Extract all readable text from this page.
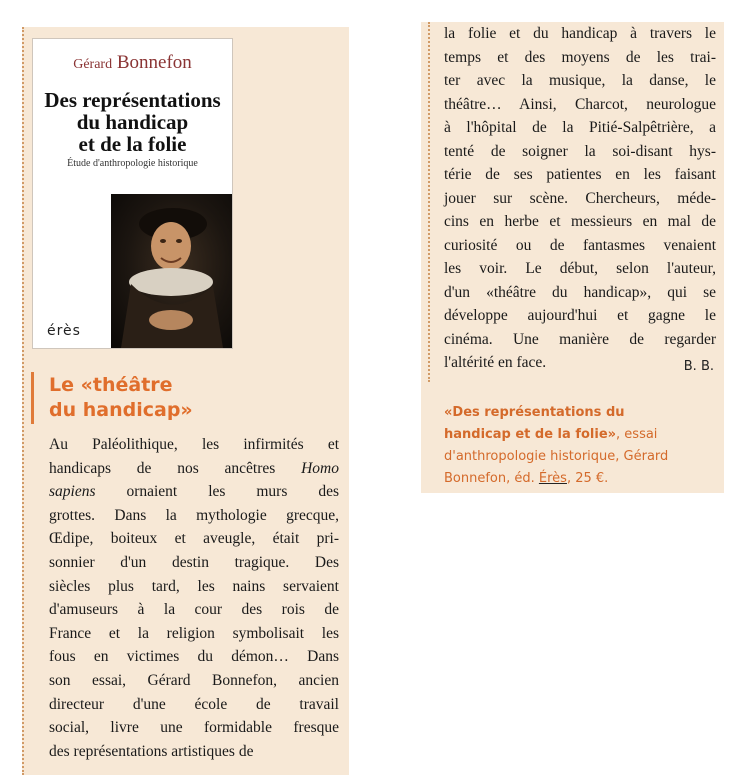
Gérard Bonnefon
Des représentations
du handicap
et de la folie
Étude d'anthropologie historique
érès
Le «théâtre
du handicap»
Au Paléolithique, les infirmités et
handicaps de nos ancêtres Homo
sapiens ornaient les murs des
grottes. Dans la mythologie grecque,
Œdipe, boiteux et aveugle, était pri-
sonnier d'un destin tragique. Des
siècles plus tard, les nains servaient
d'amuseurs à la cour des rois de
France et la religion symbolisait les
fous en victimes du démon… Dans
son essai, Gérard Bonnefon, ancien
directeur d'une école de travail
social, livre une formidable fresque
des représentations artistiques de
la folie et du handicap à travers le
temps et des moyens de les trai-
ter avec la musique, la danse, le
théâtre… Ainsi, Charcot, neurologue
à l'hôpital de la Pitié-Salpêtrière, a
tenté de soigner la soi-disant hys-
térie de ses patientes en les faisant
jouer sur scène. Chercheurs, méde-
cins en herbe et messieurs en mal de
curiosité ou de fantasmes venaient
les voir. Le début, selon l'auteur,
d'un «théâtre du handicap», qui se
développe aujourd'hui et gagne le
cinéma. Une manière de regarder
l'altérité en face.	B. B.

«Des représentations du
handicap et de la folie», essai
d'anthropologie historique, Gérard
Bonnefon, éd. Érès, 25 €.
